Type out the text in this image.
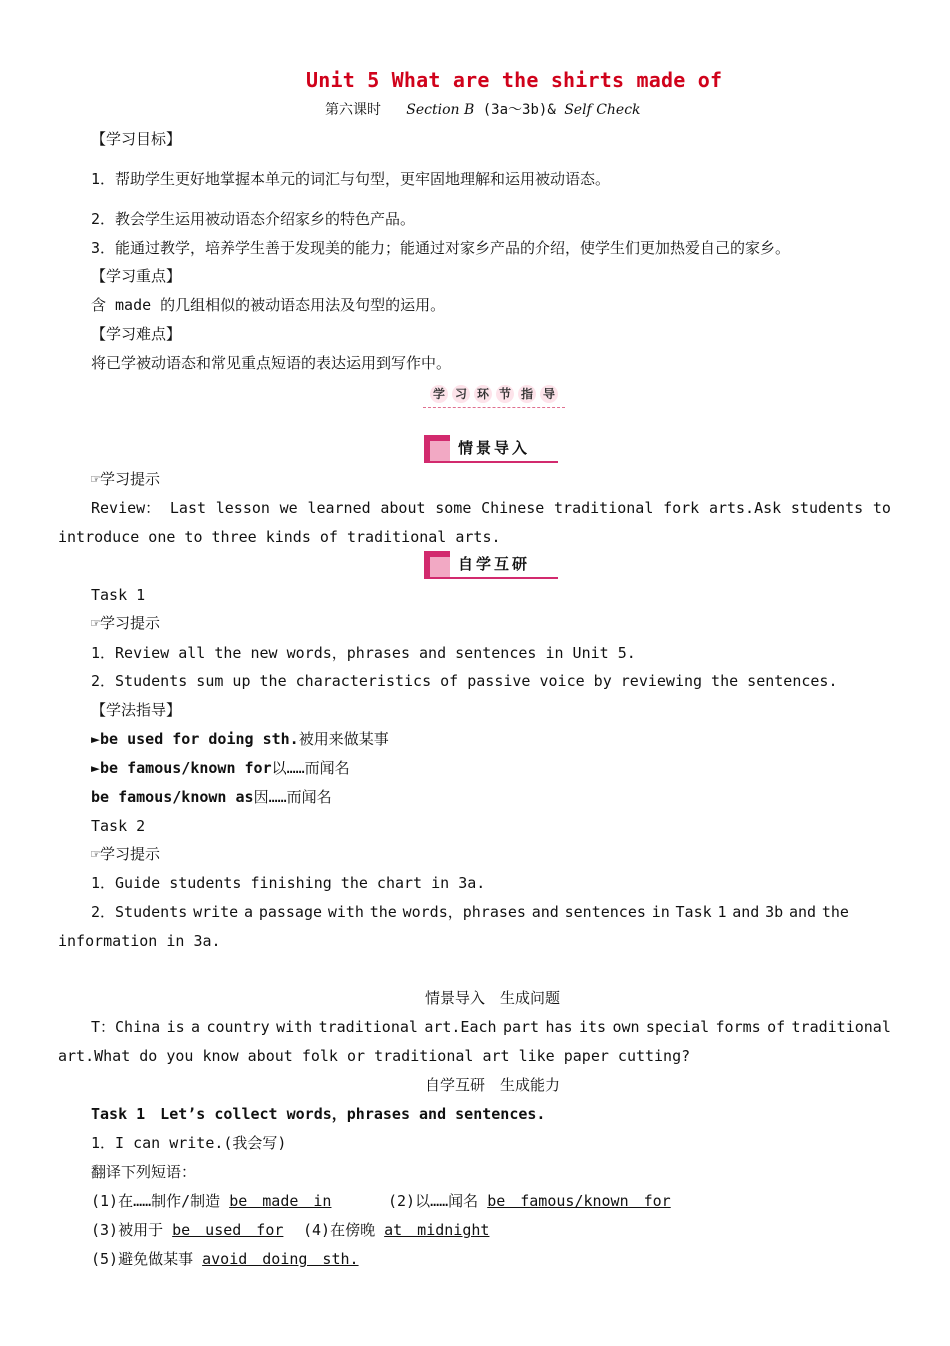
Unit 5 What are the shirts made of
第六课时 Section B (3a～3b)& Self Check
【学习目标】
1．帮助学生更好地掌握本单元的词汇与句型，更牢固地理解和运用被动语态。
2．教会学生运用被动语态介绍家乡的特色产品。
3．能通过教学，培养学生善于发现美的能力；能通过对家乡产品的介绍，使学生们更加热爱自己的家乡。
【学习重点】
含 made 的几组相似的被动语态用法及句型的运用。
【学习难点】
将已学被动语态和常见重点短语的表达运用到写作中。
学 习 环 节 指 导
情景导入
☞学习提示
Review： Last lesson we learned about some Chinese traditional fork arts.Ask students to
introduce one to three kinds of traditional arts.
自学互研
Task 1
☞学习提示
1．Review all the new words，phrases and sentences in Unit 5.
2．Students sum up the characteristics of passive voice by reviewing the sentences.
【学法指导】
►be used for doing sth.被用来做某事
►be famous/known for以……而闻名
be famous/known as因……而闻名
Task 2
☞学习提示
1．Guide students finishing the chart in 3a.
2．Students write a passage with the words，phrases and sentences in Task 1 and 3b and the
information in 3a.
情景导入　生成问题
T：China is a country with traditional art.Each part has its own special forms of traditional
art.What do you know about folk or traditional art like paper cutting?
自学互研　生成能力
Task 1　Let’s collect words，phrases and sentences.
1．I can write.(我会写)
翻译下列短语：
(1)在……制作/制造 be　made　in	(2)以……闻名 be　famous/known　for
(3)被用于 be　used　for (4)在傍晚 at　midnight
(5)避免做某事 avoid　doing　sth.
